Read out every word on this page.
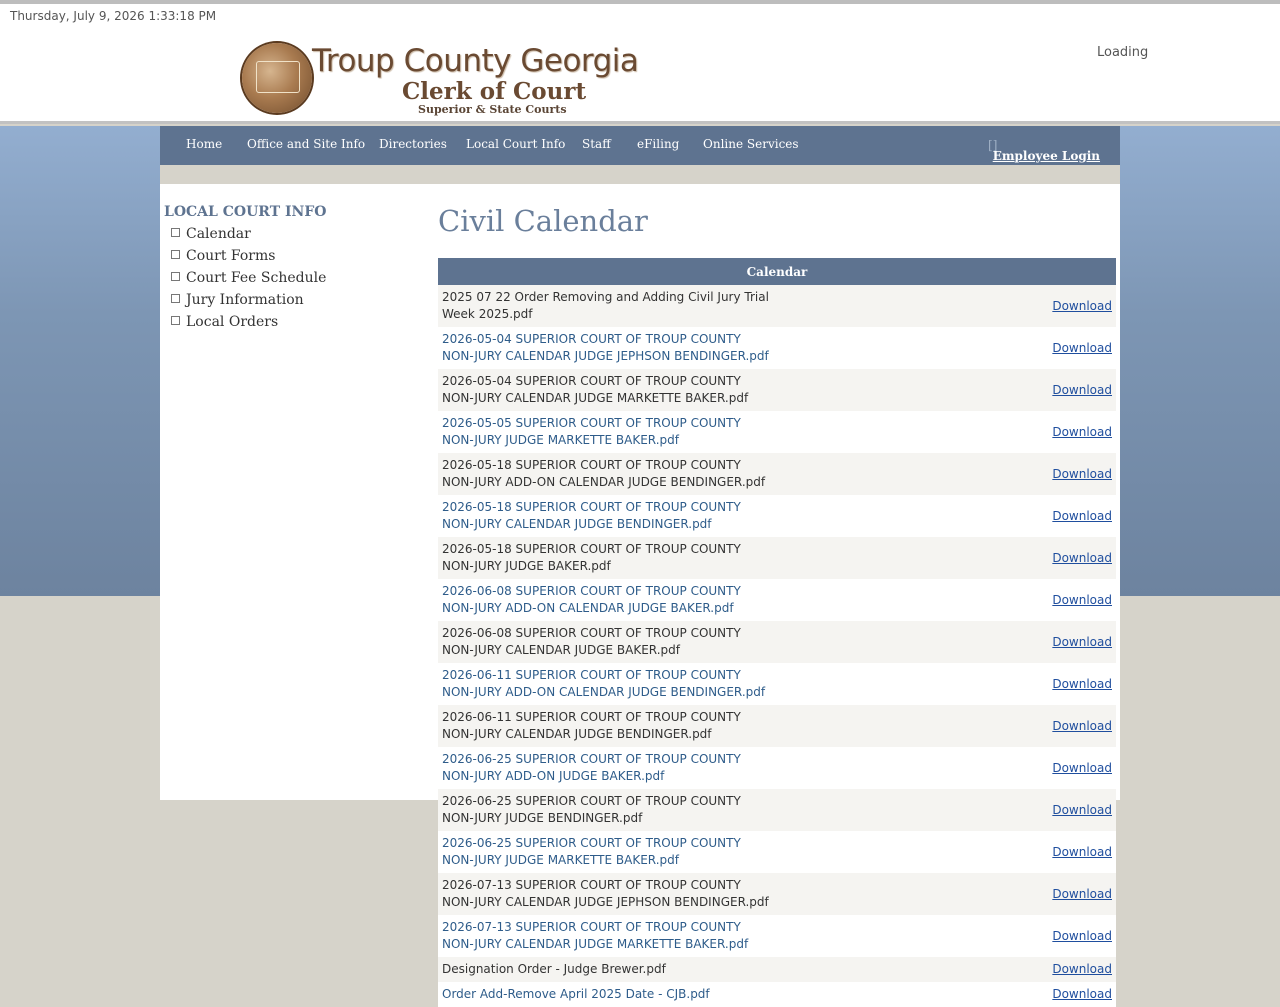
Thursday, July 9, 2026 1:33:18 PM
Troup County Georgia
Clerk of Court
Superior & State Courts
Loading
Home Office and Site Info Directories Local Court Info Staff eFiling Online Services	[
Employee Login
]
LOCAL COURT INFO
Calendar
Court Forms
Court Fee Schedule
Jury Information
Local Orders
Civil Calendar
Calendar	
2025 07 22 Order Removing and Adding Civil Jury Trial Week 2025.pdf	Download
2026-05-04 SUPERIOR COURT OF TROUP COUNTY NON-JURY CALENDAR JUDGE JEPHSON BENDINGER.pdf	Download
2026-05-04 SUPERIOR COURT OF TROUP COUNTY NON-JURY CALENDAR JUDGE MARKETTE BAKER.pdf	Download
2026-05-05 SUPERIOR COURT OF TROUP COUNTY NON-JURY JUDGE MARKETTE BAKER.pdf	Download
2026-05-18 SUPERIOR COURT OF TROUP COUNTY NON-JURY ADD-ON CALENDAR JUDGE BENDINGER.pdf	Download
2026-05-18 SUPERIOR COURT OF TROUP COUNTY NON-JURY CALENDAR JUDGE BENDINGER.pdf	Download
2026-05-18 SUPERIOR COURT OF TROUP COUNTY NON-JURY JUDGE BAKER.pdf	Download
2026-06-08 SUPERIOR COURT OF TROUP COUNTY NON-JURY ADD-ON CALENDAR JUDGE BAKER.pdf	Download
2026-06-08 SUPERIOR COURT OF TROUP COUNTY NON-JURY CALENDAR JUDGE BAKER.pdf	Download
2026-06-11 SUPERIOR COURT OF TROUP COUNTY NON-JURY ADD-ON CALENDAR JUDGE BENDINGER.pdf	Download
2026-06-11 SUPERIOR COURT OF TROUP COUNTY NON-JURY CALENDAR JUDGE BENDINGER.pdf	Download
2026-06-25 SUPERIOR COURT OF TROUP COUNTY NON-JURY ADD-ON JUDGE BAKER.pdf	Download
2026-06-25 SUPERIOR COURT OF TROUP COUNTY NON-JURY JUDGE BENDINGER.pdf	Download
2026-06-25 SUPERIOR COURT OF TROUP COUNTY NON-JURY JUDGE MARKETTE BAKER.pdf	Download
2026-07-13 SUPERIOR COURT OF TROUP COUNTY NON-JURY CALENDAR JUDGE JEPHSON BENDINGER.pdf	Download
2026-07-13 SUPERIOR COURT OF TROUP COUNTY NON-JURY CALENDAR JUDGE MARKETTE BAKER.pdf	Download
Designation Order - Judge Brewer.pdf	Download
Order Add-Remove April 2025 Date - CJB.pdf	Download
